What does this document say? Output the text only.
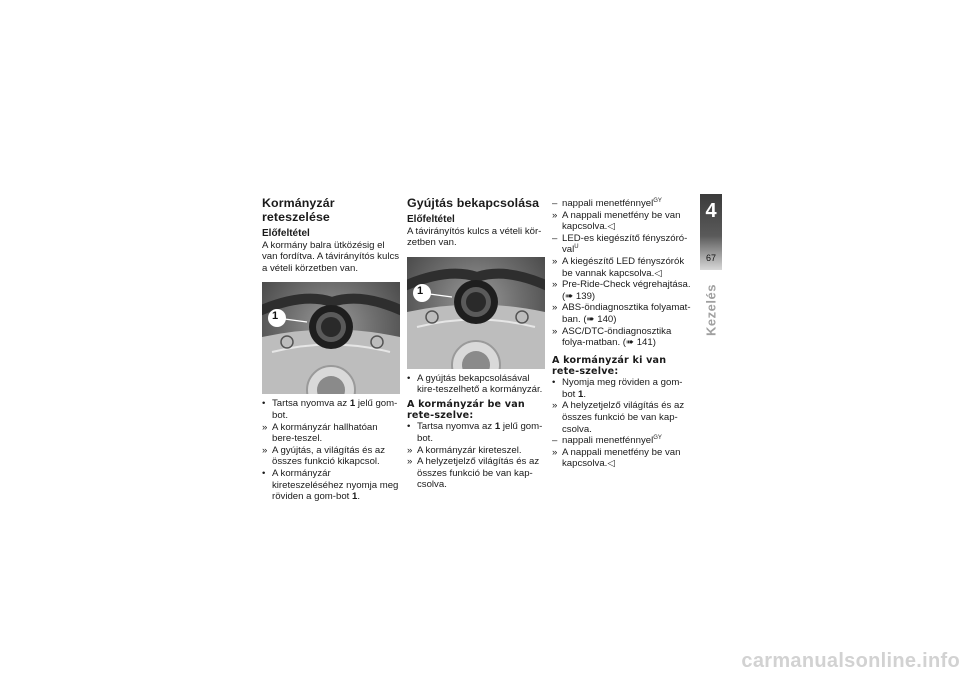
Kormányzár reteszelése
Előfeltétel

A kormány balra ütközésig el van fordítva. A távirányítós kulcs a vételi körzetben van.

1
• Tartsa nyomva az 1 jelű gom-bot.
» A kormányzár hallhatóan bere-teszel.
» A gyújtás, a világítás és az összes funkció kikapcsol.
• A kormányzár kireteszeléséhez nyomja meg röviden a gom-bot 1.
Gyújtás bekapcsolása
Előfeltétel

A távirányítós kulcs a vételi kör-zetben van.

1
• A gyújtás bekapcsolásával kire-teszelhető a kormányzár.
A kormányzár be van rete-szelve:
• Tartsa nyomva az 1 jelű gom-bot.
» A kormányzár kireteszel.
» A helyzetjelző világítás és az összes funkció be van kap-csolva.
– nappali menetfénnyel$^{GY}$
» A nappali menetfény be van kapcsolva.◁
– LED-es kiegészítő fényszóró-val$^U$
» A kiegészítő LED fényszórók be vannak kapcsolva.◁
» Pre-Ride-Check végrehajtása. (➠ 139)
» ABS-öndiagnosztika folyamat-ban. (➠ 140)
» ASC/DTC-öndiagnosztika folya-matban. (➠ 141)
A kormányzár ki van rete-szelve:
• Nyomja meg röviden a gom-bot 1.
» A helyzetjelző világítás és az összes funkció be van kap-csolva.
– nappali menetfénnyel$^{GY}$
» A nappali menetfény be van kapcsolva.◁
4
67
Kezelés
carmanualsonline.info
